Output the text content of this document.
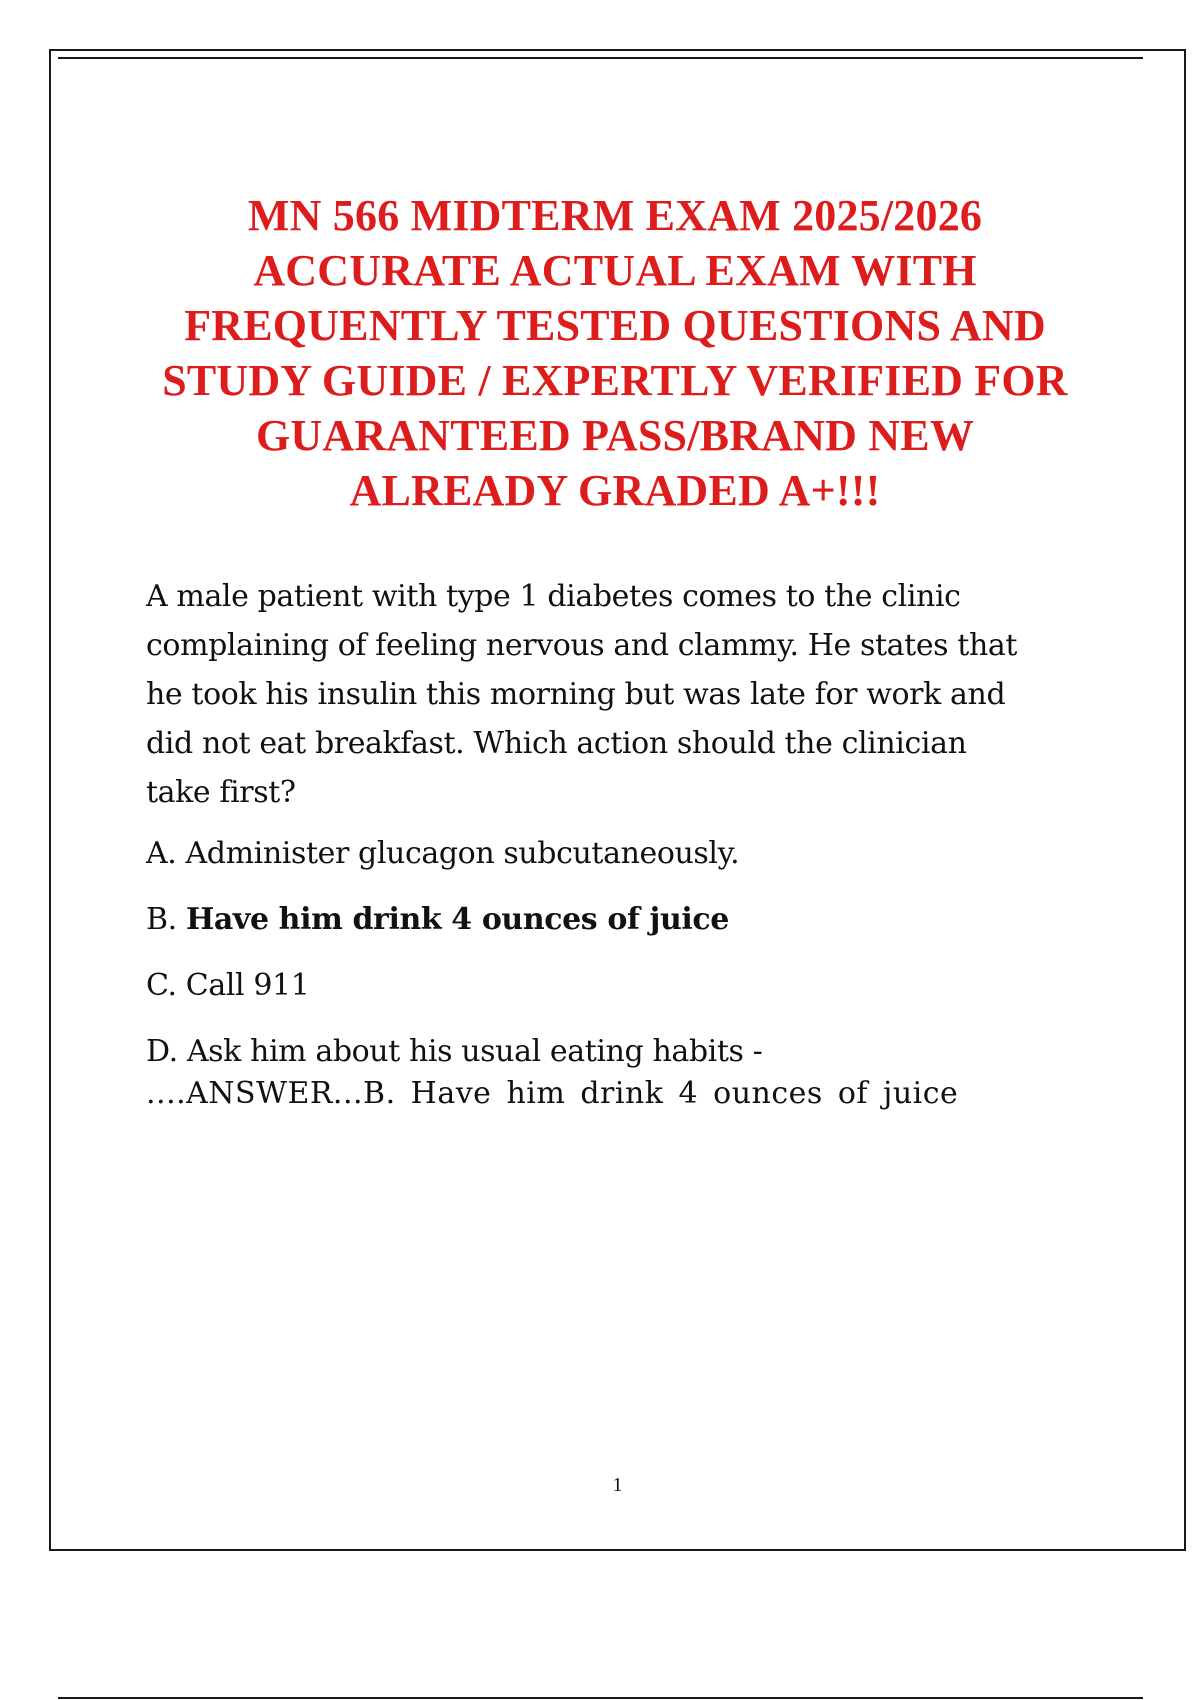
MN 566 MIDTERM EXAM 2025/2026
ACCURATE ACTUAL EXAM WITH
FREQUENTLY TESTED QUESTIONS AND
STUDY GUIDE / EXPERTLY VERIFIED FOR
GUARANTEED PASS/BRAND NEW
ALREADY GRADED A+!!!

A male patient with type 1 diabetes comes to the clinic
complaining of feeling nervous and clammy. He states that
he took his insulin this morning but was late for work and
did not eat breakfast. Which action should the clinician
take first?

A. Administer glucagon subcutaneously.

B. Have him drink 4 ounces of juice

C. Call 911

D. Ask him about his usual eating habits -

....ANSWER...B. Have him drink 4 ounces of juice

1
